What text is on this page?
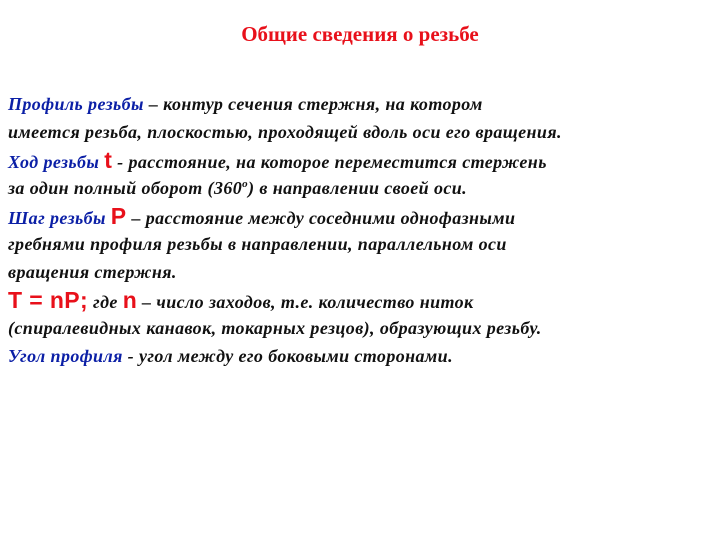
Общие сведения о резьбе
Профиль резьбы – контур сечения стержня, на котором
имеется резьба, плоскостью, проходящей вдоль оси его вращения.
Ход резьбы t - расстояние, на которое переместится стержень
за один полный оборот $(360^о)$ в направлении своей оси.
Шаг резьбы P – расстояние между соседними однофазными
гребнями профиля резьбы в направлении, параллельном оси
вращения стержня.
T = nP; где n – число заходов, т.е. количество ниток
(спиралевидных канавок, токарных резцов), образующих резьбу.
Угол профиля - угол между его боковыми сторонами.
